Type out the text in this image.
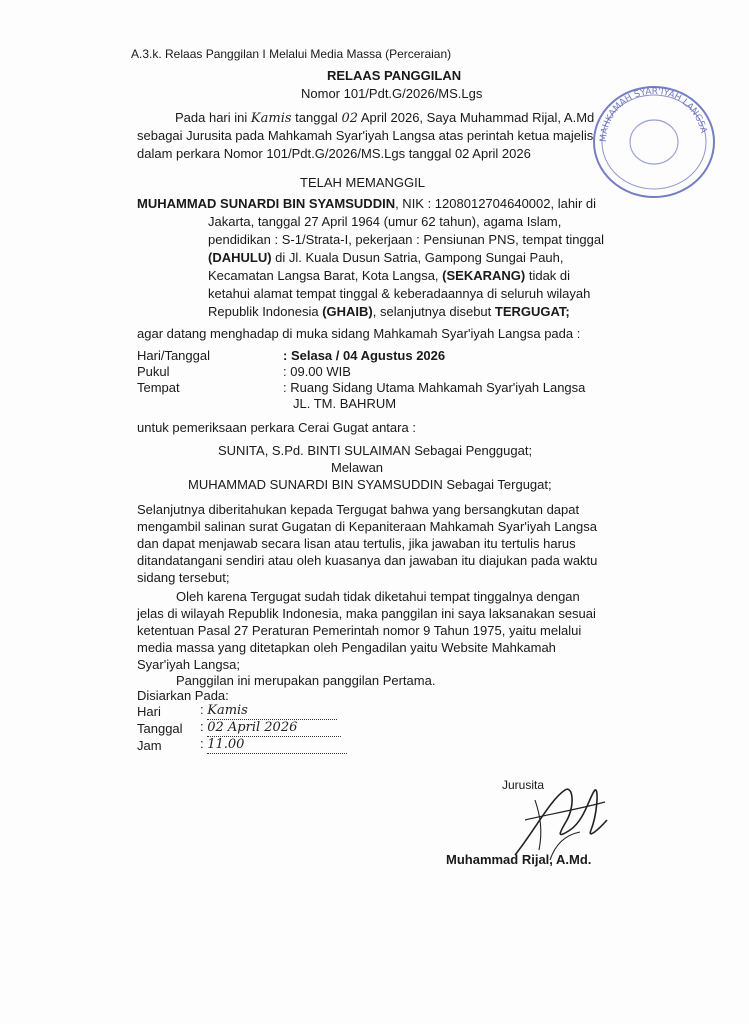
A.3.k. Relaas Panggilan I Melalui Media Massa (Perceraian)
RELAAS PANGGILAN
Nomor 101/Pdt.G/2026/MS.Lgs
Pada hari ini Kamis tanggal 02 April 2026, Saya Muhammad Rijal, A.Md
sebagai Jurusita pada Mahkamah Syar'iyah Langsa atas perintah ketua majelis
dalam perkara Nomor 101/Pdt.G/2026/MS.Lgs tanggal 02 April 2026
TELAH MEMANGGIL
MUHAMMAD SUNARDI BIN SYAMSUDDIN, NIK : 1208012704640002, lahir di
Jakarta, tanggal 27 April 1964 (umur 62 tahun), agama Islam,
pendidikan : S-1/Strata-I, pekerjaan : Pensiunan PNS, tempat tinggal
(DAHULU) di Jl. Kuala Dusun Satria, Gampong Sungai Pauh,
Kecamatan Langsa Barat, Kota Langsa, (SEKARANG) tidak di
ketahui alamat tempat tinggal & keberadaannya di seluruh wilayah
Republik Indonesia (GHAIB), selanjutnya disebut TERGUGAT;
agar datang menghadap di muka sidang Mahkamah Syar'iyah Langsa pada :
Hari/Tanggal	: Selasa / 04 Agustus 2026
Pukul	: 09.00 WIB
Tempat	: Ruang Sidang Utama Mahkamah Syar'iyah Langsa
JL. TM. BAHRUM
untuk pemeriksaan perkara Cerai Gugat antara :
SUNITA, S.Pd. BINTI SULAIMAN Sebagai Penggugat;
Melawan
MUHAMMAD SUNARDI BIN SYAMSUDDIN Sebagai Tergugat;
Selanjutnya diberitahukan kepada Tergugat bahwa yang bersangkutan dapat
mengambil salinan surat Gugatan di Kepaniteraan Mahkamah Syar'iyah Langsa
dan dapat menjawab secara lisan atau tertulis, jika jawaban itu tertulis harus
ditandatangani sendiri atau oleh kuasanya dan jawaban itu diajukan pada waktu
sidang tersebut;
Oleh karena Tergugat sudah tidak diketahui tempat tinggalnya dengan
jelas di wilayah Republik Indonesia, maka panggilan ini saya laksanakan sesuai
ketentuan Pasal 27 Peraturan Pemerintah nomor 9 Tahun 1975, yaitu melalui
media massa yang ditetapkan oleh Pengadilan yaitu Website Mahkamah
Syar'iyah Langsa;
Panggilan ini merupakan panggilan Pertama.
Disiarkan Pada:
Hari	: Kamis
Tanggal : 02 April 2026
Jam	: 11.00
Jurusita
Muhammad Rijal, A.Md.
MAHKAMAH SYAR'IYAH LANGSA
